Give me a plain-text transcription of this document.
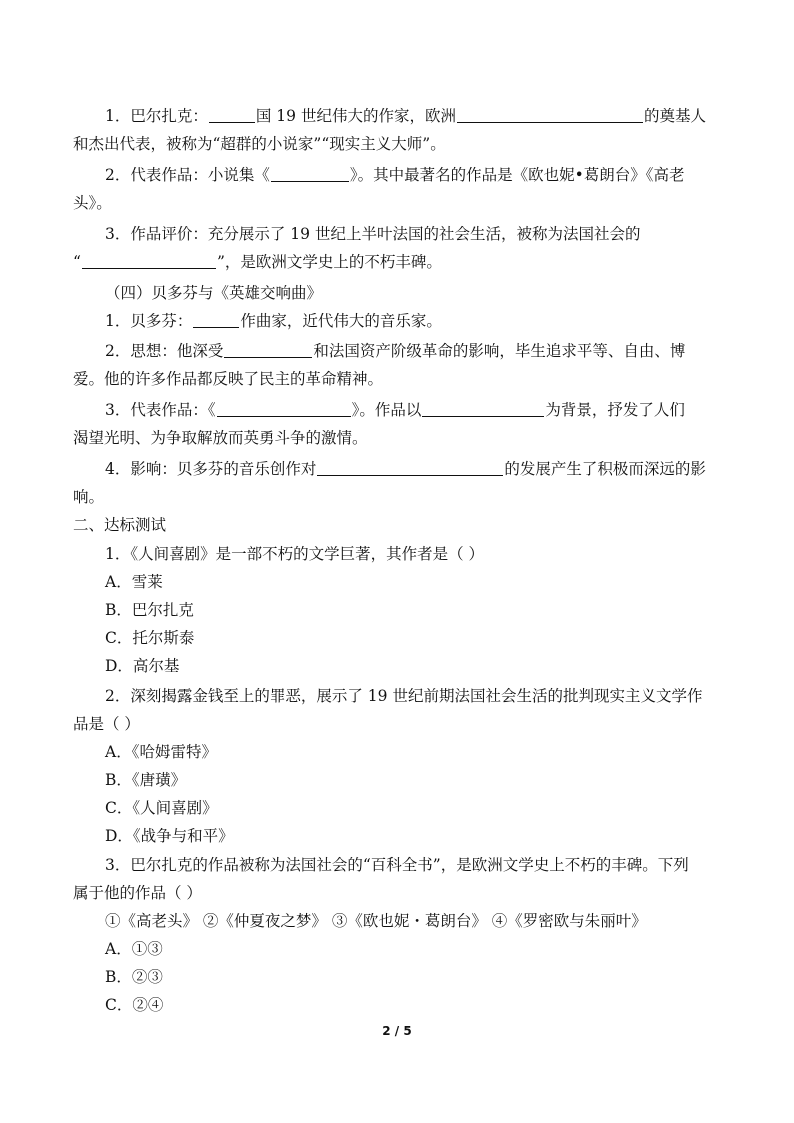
1．巴尔扎克：	国 19 世纪伟大的作家，欧洲	的奠基人
和杰出代表，被称为“超群的小说家”“现实主义大师”。
2．代表作品：小说集《	》。其中最著名的作品是《欧也妮•葛朗台》《高老
头》。
3．作品评价：充分展示了 19 世纪上半叶法国的社会生活，被称为法国社会的
“	”，是欧洲文学史上的不朽丰碑。
（四）贝多芬与《英雄交响曲》
1．贝多芬：	作曲家，近代伟大的音乐家。
2．思想：他深受	和法国资产阶级革命的影响，毕生追求平等、自由、博
爱。他的许多作品都反映了民主的革命精神。
3．代表作品：《	》。作品以	为背景，抒发了人们
渴望光明、为争取解放而英勇斗争的激情。
4．影响：贝多芬的音乐创作对	的发展产生了积极而深远的影
响。
二、达标测试
1．《人间喜剧》是一部不朽的文学巨著，其作者是（ ）
A．雪莱
B．巴尔扎克
C．托尔斯泰
D．高尔基
2．深刻揭露金钱至上的罪恶，展示了 19 世纪前期法国社会生活的批判现实主义文学作
品是（ ）
A．《哈姆雷特》
B．《唐璜》
C．《人间喜剧》
D．《战争与和平》
3．巴尔扎克的作品被称为法国社会的“百科全书”，是欧洲文学史上不朽的丰碑。下列
属于他的作品（ ）
①《高老头》 ②《仲夏夜之梦》 ③《欧也妮・葛朗台》 ④《罗密欧与朱丽叶》
A．①③
B．②③
C．②④
2 / 5
